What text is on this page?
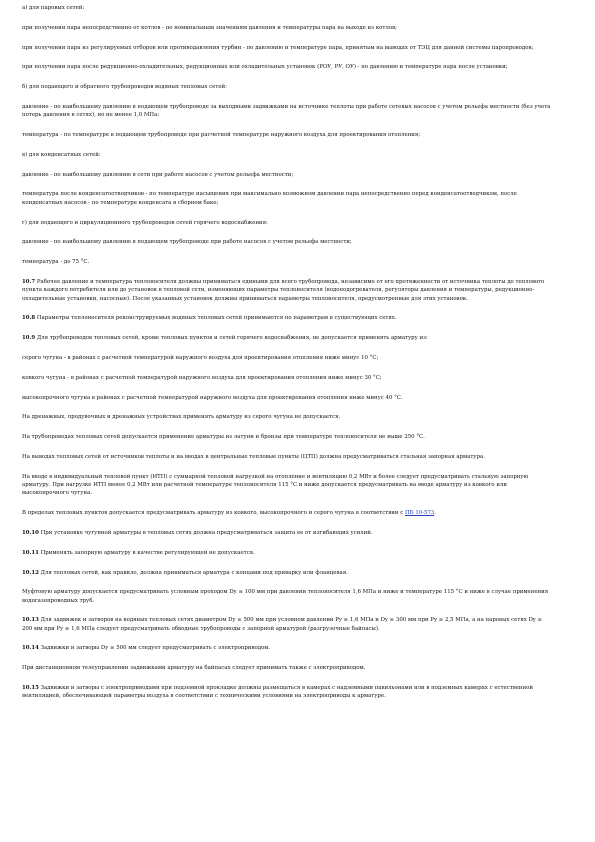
а) для паровых сетей:

при получении пара непосредственно от котлов - по номинальным значениям давления и температуры пара на выходе из котлов;

при получении пара из регулируемых отборов или противодавления турбин - по давлению и температуре пара, принятым на выводах от ТЭЦ для данной системы паропроводов;

при получении пара после редукционно-охладительных, редукционных или охладительных установок (РОУ, РУ, ОУ) - по давлению и температуре пара после установки;

б) для подающего и обратного трубопроводов водяных тепловых сетей:

давление - по наибольшему давлению в подающем трубопроводе за выходными задвижками на источнике теплоты при работе сетевых насосов с учетом рельефа местности (без учета потерь давления в сетях), но не менее 1,0 МПа;

температура - по температуре в подающем трубопроводе при расчетной температуре наружного воздуха для проектирования отопления;

в) для конденсатных сетей:

давление - по наибольшему давлению в сети при работе насосов с учетом рельефа местности;

температура после конденсатоотводчиков - по температуре насыщения при максимально возможном давлении пара непосредственно перед конденсатоотводчиком, после конденсатных насосов - по температуре конденсата в сборном баке;

г) для подающего и циркуляционного трубопроводов сетей горячего водоснабжения:

давление - по наибольшему давлению в подающем трубопроводе при работе насосов с учетом рельефа местности;

температура - до 75 °С.

10.7 Рабочее давление и температура теплоносителя должны приниматься едиными для всего трубопровода, независимо от его протяженности от источника теплоты до теплового пункта каждого потребителя или до установок в тепловой сети, изменяющих параметры теплоносителя (водоподогревателя, регуляторы давления и температуры, редукционно-охладительные установки, насосные). После указанных установок должны приниматься параметры теплоносителя, предусмотренные для этих установок.

10.8 Параметры теплоносителя реконструируемых водяных тепловых сетей принимаются по параметрам в существующих сетях.

10.9 Для трубопроводов тепловых сетей, кроме тепловых пунктов и сетей горячего водоснабжения, не допускается применять арматуру из:

серого чугуна - в районах с расчетной температурой наружного воздуха для проектирования отопления ниже минус 10 °С;

ковкого чугуна - в районах с расчетной температурой наружного воздуха для проектирования отопления ниже минус 30 °С;

высокопрочного чугуна в районах с расчетной температурой наружного воздуха для проектирования отопления ниже минус 40 °С.

На дренажных, продувочных и дренажных устройствах применять арматуру из серого чугуна не допускается.

На трубопроводах тепловых сетей допускается применение арматуры из латуни и бронзы при температуре теплоносителя не выше 250 °С.

На выводах тепловых сетей от источников теплоты и на вводах в центральные тепловые пункты (ЦТП) должна предусматриваться стальная запорная арматура.

На вводе в индивидуальный тепловой пункт (ИТП) с суммарной тепловой нагрузкой на отопление и вентиляцию 0,2 МВт и более следует предусматривать стальную запорную арматуру. При нагрузке ИТП менее 0,2 МВт или расчетной температуре теплоносителя 115 °С и ниже допускается предусматривать на вводе арматуру из ковкого или высокопрочного чугуна.

В пределах тепловых пунктов допускается предусматривать арматуру из ковкого, высокопрочного и серого чугуна в соответствии с ПБ 10-573.

10.10 При установке чугунной арматуры в тепловых сетях должна предусматриваться защита ее от изгибающих усилий.

10.11 Применять запорную арматуру в качестве регулирующей не допускается.

10.12 Для тепловых сетей, как правило, должна приниматься арматура с концами под приварку или фланцевая.

Муфтовую арматуру допускается предусматривать условным проходом Dy ≤ 100 мм при давлении теплоносителя 1,6 МПа и ниже и температуре 115 °С и ниже в случае применения водогазопроводных труб.

10.13 Для задвижек и затворов на водяных тепловых сетях диаметром Dy ≥ 500 мм при условном давлении Py ≥ 1,6 МПа и Dy ≥ 300 мм при Py ≥ 2,5 МПа, а на паровых сетях Dy ≥ 200 мм при Py ≥ 1,6 МПа следует предусматривать обводные трубопроводы с запорной арматурой (разгрузочные байпасы).

10.14 Задвижки и затворы Dy ≥ 500 мм следует предусматривать с электроприводом.

При дистанционном телеуправлении задвижками арматуру на байпасах следует принимать также с электроприводом.

10.15 Задвижки и затворы с электроприводами при подземной прокладке должны размещаться в камерах с надземными павильонами или в подземных камерах с естественной вентиляцией, обеспечивающей параметры воздуха в соответствии с техническими условиями на электроприводы к арматуре.
